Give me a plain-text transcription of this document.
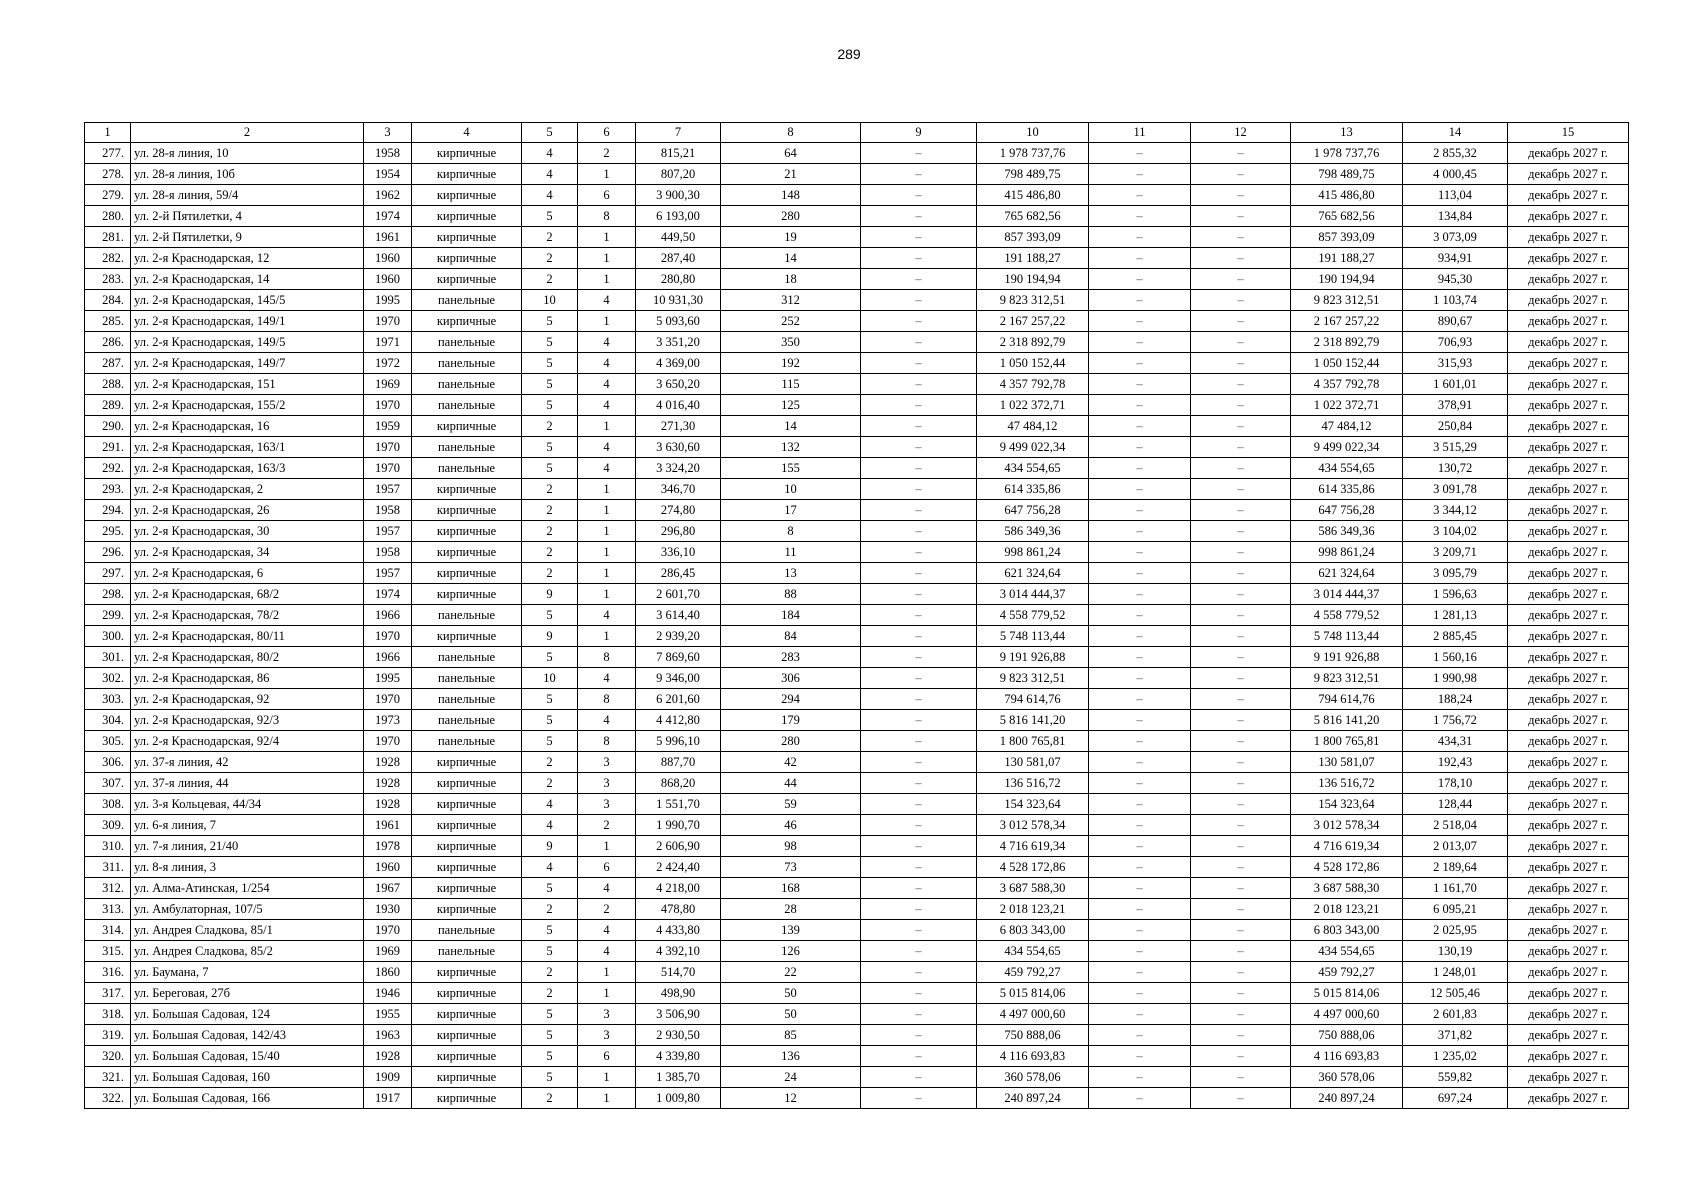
289
1	2	3	4	5	6	7	8	9	10	11	12	13	14	15
277.	ул. 28-я линия, 10	1958	кирпичные	4	2	815,21	64	–	1 978 737,76	–	–	1 978 737,76	2 855,32	декабрь 2027 г.
278.	ул. 28-я линия, 10б	1954	кирпичные	4	1	807,20	21	–	798 489,75	–	–	798 489,75	4 000,45	декабрь 2027 г.
279.	ул. 28-я линия, 59/4	1962	кирпичные	4	6	3 900,30	148	–	415 486,80	–	–	415 486,80	113,04	декабрь 2027 г.
280.	ул. 2-й Пятилетки, 4	1974	кирпичные	5	8	6 193,00	280	–	765 682,56	–	–	765 682,56	134,84	декабрь 2027 г.
281.	ул. 2-й Пятилетки, 9	1961	кирпичные	2	1	449,50	19	–	857 393,09	–	–	857 393,09	3 073,09	декабрь 2027 г.
282.	ул. 2-я Краснодарская, 12	1960	кирпичные	2	1	287,40	14	–	191 188,27	–	–	191 188,27	934,91	декабрь 2027 г.
283.	ул. 2-я Краснодарская, 14	1960	кирпичные	2	1	280,80	18	–	190 194,94	–	–	190 194,94	945,30	декабрь 2027 г.
284.	ул. 2-я Краснодарская, 145/5	1995	панельные	10	4	10 931,30	312	–	9 823 312,51	–	–	9 823 312,51	1 103,74	декабрь 2027 г.
285.	ул. 2-я Краснодарская, 149/1	1970	кирпичные	5	1	5 093,60	252	–	2 167 257,22	–	–	2 167 257,22	890,67	декабрь 2027 г.
286.	ул. 2-я Краснодарская, 149/5	1971	панельные	5	4	3 351,20	350	–	2 318 892,79	–	–	2 318 892,79	706,93	декабрь 2027 г.
287.	ул. 2-я Краснодарская, 149/7	1972	панельные	5	4	4 369,00	192	–	1 050 152,44	–	–	1 050 152,44	315,93	декабрь 2027 г.
288.	ул. 2-я Краснодарская, 151	1969	панельные	5	4	3 650,20	115	–	4 357 792,78	–	–	4 357 792,78	1 601,01	декабрь 2027 г.
289.	ул. 2-я Краснодарская, 155/2	1970	панельные	5	4	4 016,40	125	–	1 022 372,71	–	–	1 022 372,71	378,91	декабрь 2027 г.
290.	ул. 2-я Краснодарская, 16	1959	кирпичные	2	1	271,30	14	–	47 484,12	–	–	47 484,12	250,84	декабрь 2027 г.
291.	ул. 2-я Краснодарская, 163/1	1970	панельные	5	4	3 630,60	132	–	9 499 022,34	–	–	9 499 022,34	3 515,29	декабрь 2027 г.
292.	ул. 2-я Краснодарская, 163/3	1970	панельные	5	4	3 324,20	155	–	434 554,65	–	–	434 554,65	130,72	декабрь 2027 г.
293.	ул. 2-я Краснодарская, 2	1957	кирпичные	2	1	346,70	10	–	614 335,86	–	–	614 335,86	3 091,78	декабрь 2027 г.
294.	ул. 2-я Краснодарская, 26	1958	кирпичные	2	1	274,80	17	–	647 756,28	–	–	647 756,28	3 344,12	декабрь 2027 г.
295.	ул. 2-я Краснодарская, 30	1957	кирпичные	2	1	296,80	8	–	586 349,36	–	–	586 349,36	3 104,02	декабрь 2027 г.
296.	ул. 2-я Краснодарская, 34	1958	кирпичные	2	1	336,10	11	–	998 861,24	–	–	998 861,24	3 209,71	декабрь 2027 г.
297.	ул. 2-я Краснодарская, 6	1957	кирпичные	2	1	286,45	13	–	621 324,64	–	–	621 324,64	3 095,79	декабрь 2027 г.
298.	ул. 2-я Краснодарская, 68/2	1974	кирпичные	9	1	2 601,70	88	–	3 014 444,37	–	–	3 014 444,37	1 596,63	декабрь 2027 г.
299.	ул. 2-я Краснодарская, 78/2	1966	панельные	5	4	3 614,40	184	–	4 558 779,52	–	–	4 558 779,52	1 281,13	декабрь 2027 г.
300.	ул. 2-я Краснодарская, 80/11	1970	кирпичные	9	1	2 939,20	84	–	5 748 113,44	–	–	5 748 113,44	2 885,45	декабрь 2027 г.
301.	ул. 2-я Краснодарская, 80/2	1966	панельные	5	8	7 869,60	283	–	9 191 926,88	–	–	9 191 926,88	1 560,16	декабрь 2027 г.
302.	ул. 2-я Краснодарская, 86	1995	панельные	10	4	9 346,00	306	–	9 823 312,51	–	–	9 823 312,51	1 990,98	декабрь 2027 г.
303.	ул. 2-я Краснодарская, 92	1970	панельные	5	8	6 201,60	294	–	794 614,76	–	–	794 614,76	188,24	декабрь 2027 г.
304.	ул. 2-я Краснодарская, 92/3	1973	панельные	5	4	4 412,80	179	–	5 816 141,20	–	–	5 816 141,20	1 756,72	декабрь 2027 г.
305.	ул. 2-я Краснодарская, 92/4	1970	панельные	5	8	5 996,10	280	–	1 800 765,81	–	–	1 800 765,81	434,31	декабрь 2027 г.
306.	ул. 37-я линия, 42	1928	кирпичные	2	3	887,70	42	–	130 581,07	–	–	130 581,07	192,43	декабрь 2027 г.
307.	ул. 37-я линия, 44	1928	кирпичные	2	3	868,20	44	–	136 516,72	–	–	136 516,72	178,10	декабрь 2027 г.
308.	ул. 3-я Кольцевая, 44/34	1928	кирпичные	4	3	1 551,70	59	–	154 323,64	–	–	154 323,64	128,44	декабрь 2027 г.
309.	ул. 6-я линия, 7	1961	кирпичные	4	2	1 990,70	46	–	3 012 578,34	–	–	3 012 578,34	2 518,04	декабрь 2027 г.
310.	ул. 7-я линия, 21/40	1978	кирпичные	9	1	2 606,90	98	–	4 716 619,34	–	–	4 716 619,34	2 013,07	декабрь 2027 г.
311.	ул. 8-я линия, 3	1960	кирпичные	4	6	2 424,40	73	–	4 528 172,86	–	–	4 528 172,86	2 189,64	декабрь 2027 г.
312.	ул. Алма-Атинская, 1/254	1967	кирпичные	5	4	4 218,00	168	–	3 687 588,30	–	–	3 687 588,30	1 161,70	декабрь 2027 г.
313.	ул. Амбулаторная, 107/5	1930	кирпичные	2	2	478,80	28	–	2 018 123,21	–	–	2 018 123,21	6 095,21	декабрь 2027 г.
314.	ул. Андрея Сладкова, 85/1	1970	панельные	5	4	4 433,80	139	–	6 803 343,00	–	–	6 803 343,00	2 025,95	декабрь 2027 г.
315.	ул. Андрея Сладкова, 85/2	1969	панельные	5	4	4 392,10	126	–	434 554,65	–	–	434 554,65	130,19	декабрь 2027 г.
316.	ул. Баумана, 7	1860	кирпичные	2	1	514,70	22	–	459 792,27	–	–	459 792,27	1 248,01	декабрь 2027 г.
317.	ул. Береговая, 27б	1946	кирпичные	2	1	498,90	50	–	5 015 814,06	–	–	5 015 814,06	12 505,46	декабрь 2027 г.
318.	ул. Большая Садовая, 124	1955	кирпичные	5	3	3 506,90	50	–	4 497 000,60	–	–	4 497 000,60	2 601,83	декабрь 2027 г.
319.	ул. Большая Садовая, 142/43	1963	кирпичные	5	3	2 930,50	85	–	750 888,06	–	–	750 888,06	371,82	декабрь 2027 г.
320.	ул. Большая Садовая, 15/40	1928	кирпичные	5	6	4 339,80	136	–	4 116 693,83	–	–	4 116 693,83	1 235,02	декабрь 2027 г.
321.	ул. Большая Садовая, 160	1909	кирпичные	5	1	1 385,70	24	–	360 578,06	–	–	360 578,06	559,82	декабрь 2027 г.
322.	ул. Большая Садовая, 166	1917	кирпичные	2	1	1 009,80	12	–	240 897,24	–	–	240 897,24	697,24	декабрь 2027 г.
